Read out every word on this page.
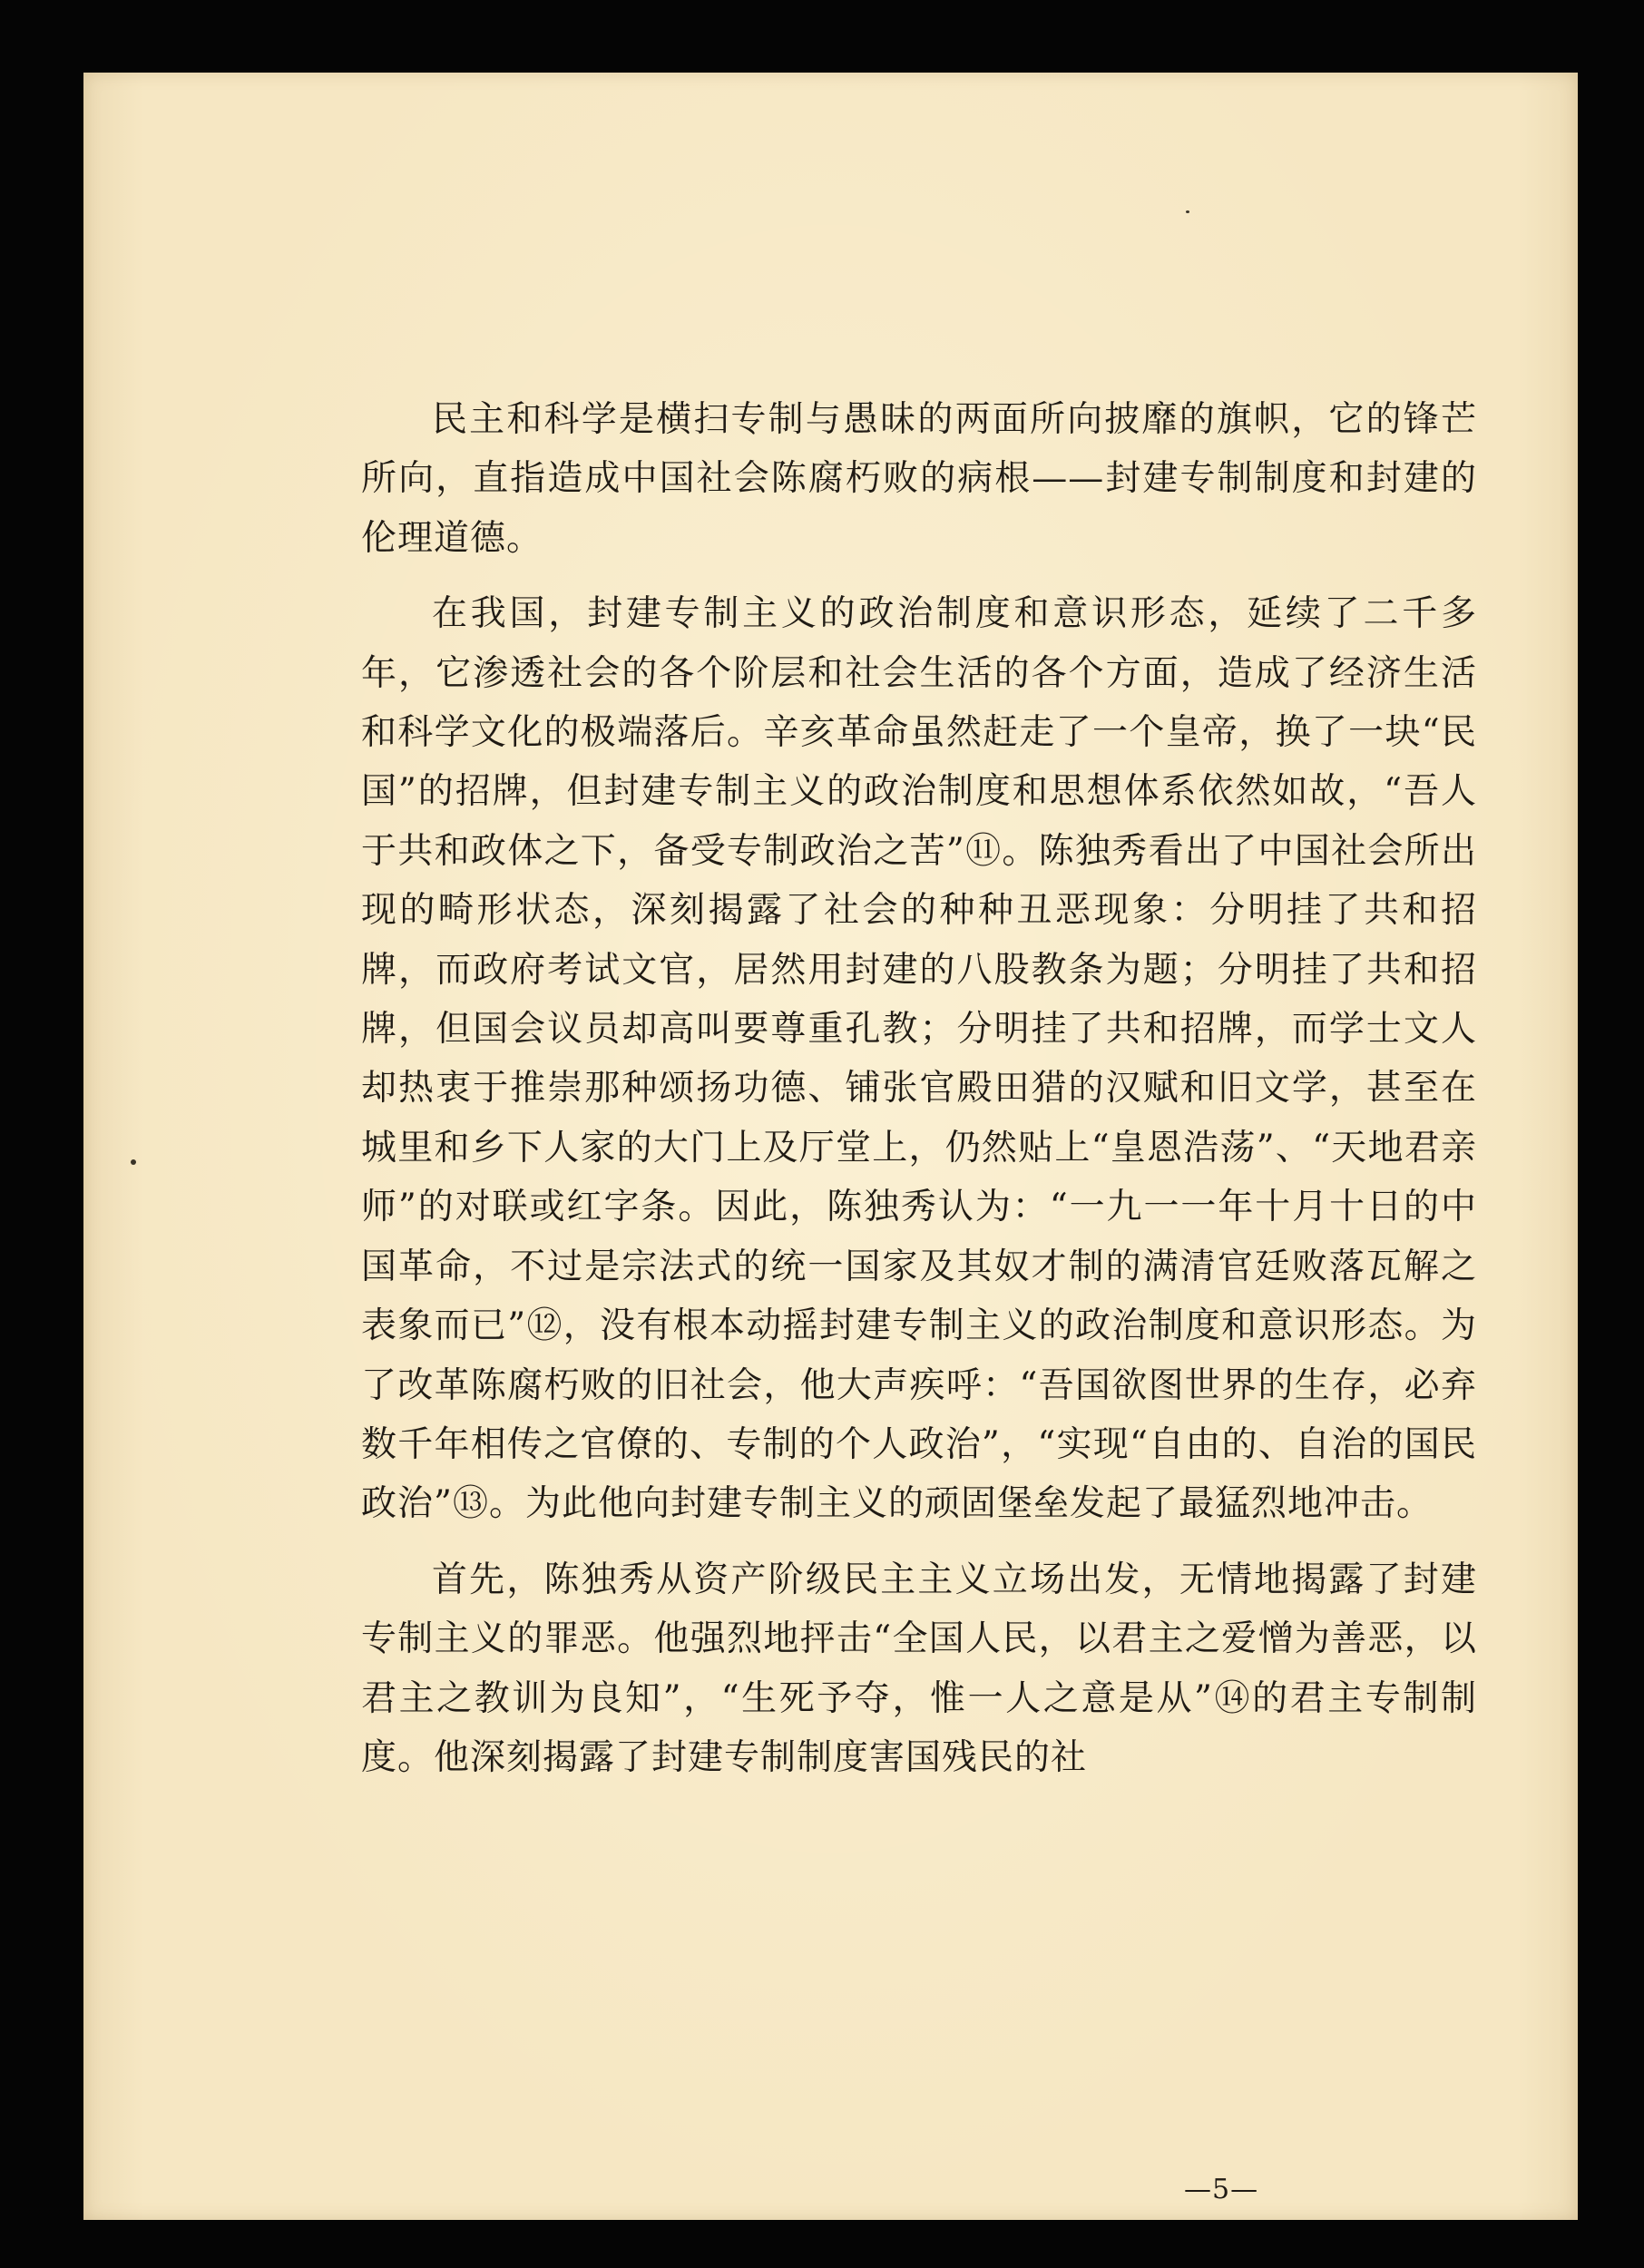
民主和科学是横扫专制与愚昧的两面所向披靡的旗帜，它的锋芒所向，直指造成中国社会陈腐朽败的病根——封建专制制度和封建的伦理道德。

在我国，封建专制主义的政治制度和意识形态，延续了二千多年，它渗透社会的各个阶层和社会生活的各个方面，造成了经济生活和科学文化的极端落后。辛亥革命虽然赶走了一个皇帝，换了一块“民国”的招牌，但封建专制主义的政治制度和思想体系依然如故，“吾人于共和政体之下，备受专制政治之苦”⑪。陈独秀看出了中国社会所出现的畸形状态，深刻揭露了社会的种种丑恶现象：分明挂了共和招牌，而政府考试文官，居然用封建的八股教条为题；分明挂了共和招牌，但国会议员却高叫要尊重孔教；分明挂了共和招牌，而学士文人却热衷于推崇那种颂扬功德、铺张官殿田猎的汉赋和旧文学，甚至在城里和乡下人家的大门上及厅堂上，仍然贴上“皇恩浩荡”、“天地君亲师”的对联或红字条。因此，陈独秀认为：“一九一一年十月十日的中国革命，不过是宗法式的统一国家及其奴才制的满清官廷败落瓦解之表象而已”⑫，没有根本动摇封建专制主义的政治制度和意识形态。为了改革陈腐朽败的旧社会，他大声疾呼：“吾国欲图世界的生存，必弃数千年相传之官僚的、专制的个人政治”，“实现“自由的、自治的国民政治”⑬。为此他向封建专制主义的顽固堡垒发起了最猛烈地冲击。

首先，陈独秀从资产阶级民主主义立场出发，无情地揭露了封建专制主义的罪恶。他强烈地抨击“全国人民，以君主之爱憎为善恶，以君主之教训为良知”，“生死予夺，惟一人之意是从”⑭的君主专制制度。他深刻揭露了封建专制制度害国残民的社

—5—
